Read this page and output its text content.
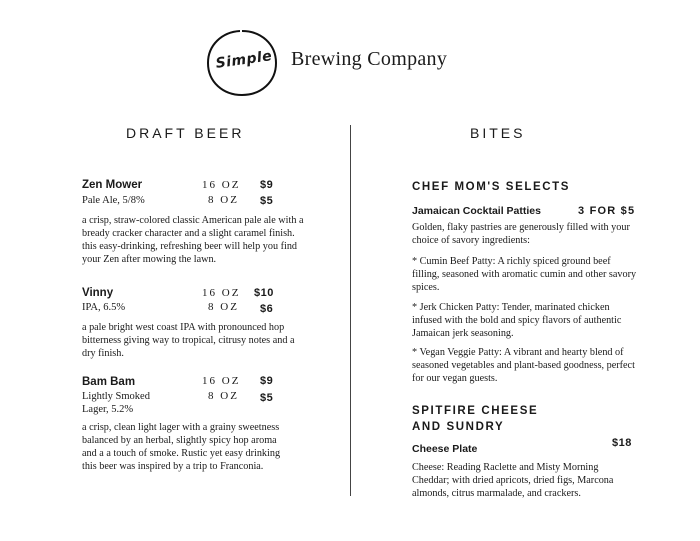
Simple Brewing Company
DRAFT BEER
Zen Mower
Pale Ale, 5/8%
16 OZ $9
8 OZ $5
a crisp, straw-colored classic American pale ale with a bready cracker character and a slight caramel finish. this easy-drinking, refreshing beer will help you find your Zen after mowing the lawn.
Vinny
IPA, 6.5%
16 OZ $10
8 OZ $6
a pale bright west coast IPA with pronounced hop bitterness giving way to tropical, citrusy notes and a dry finish.
Bam Bam
Lightly Smoked
Lager, 5.2%
16 OZ $9
8 OZ $5
a crisp, clean light lager with a grainy sweetness balanced by an herbal, slightly spicy hop aroma and a a touch of smoke. Rustic yet easy drinking this beer was inspired by a trip to Franconia.
BITES
CHEF MOM'S SELECTS
Jamaican Cocktail Patties	3 FOR $5
Golden, flaky pastries are generously filled with your choice of savory ingredients:
* Cumin Beef Patty: A richly spiced ground beef filling, seasoned with aromatic cumin and other savory spices.
* Jerk Chicken Patty: Tender, marinated chicken infused with the bold and spicy flavors of authentic Jamaican jerk seasoning.
* Vegan Veggie Patty: A vibrant and hearty blend of seasoned vegetables and plant-based goodness, perfect for our vegan guests.
SPITFIRE CHEESE
AND SUNDRY
Cheese Plate	$18
Cheese: Reading Raclette and Misty Morning Cheddar; with dried apricots, dried figs, Marcona almonds, citrus marmalade, and crackers.
